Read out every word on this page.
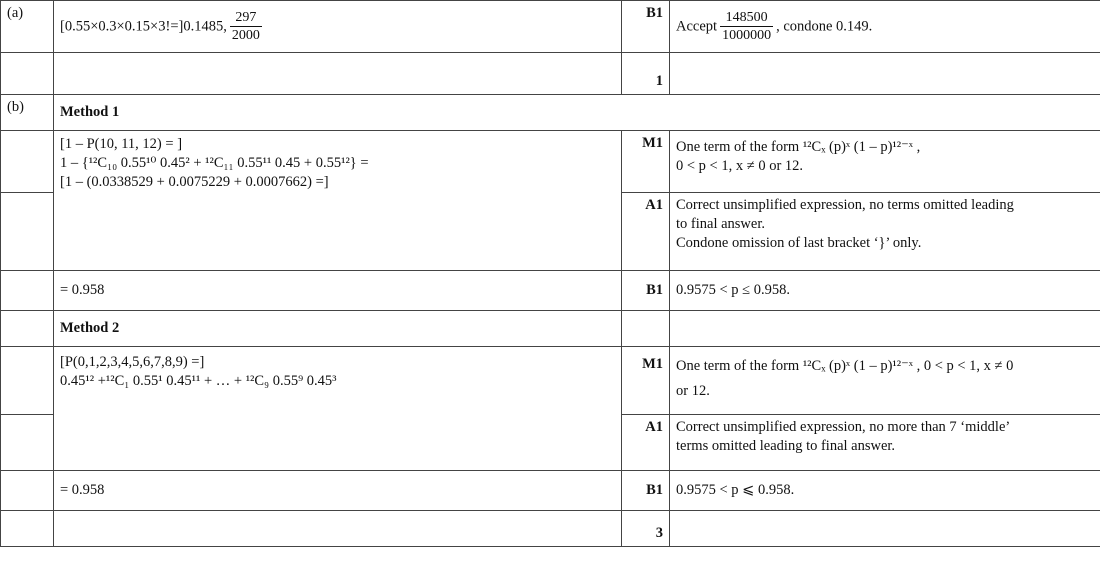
(a)	[0.55×0.3×0.15×3!=]0.1485, $\frac{297}{2000}$	B1	Accept $\frac{148500}{1000000}$ , condone 0.149.
		1	
(b)	Method 1		

	[1 – P(10, 11, 12) = ]
1 – {¹²C₁₀ 0.55¹⁰ 0.45² + ¹²C₁₁ 0.55¹¹ 0.45 + 0.55¹²} =
[1 – (0.0338529 + 0.0075229 + 0.0007662) =]	M1	One term of the form ¹²Cₓ (p)ˣ (1 – p)¹²⁻ˣ ,
0 < p < 1, x ≠ 0 or 12.

		A1	Correct unsimplified expression, no terms omitted leading
to final answer.
Condone omission of last bracket ‘}’ only.

	= 0.958	B1	0.9575 < p ≤ 0.958.
	Method 2		

	[P(0,1,2,3,4,5,6,7,8,9) =]
0.45¹² +¹²C₁ 0.55¹ 0.45¹¹ + … + ¹²C₉ 0.55⁹ 0.45³	M1	One term of the form ¹²Cₓ (p)ˣ (1 – p)¹²⁻ˣ , 0 < p < 1, x ≠ 0
or 12.

		A1	Correct unsimplified expression, no more than 7 ‘middle’
terms omitted leading to final answer.

	= 0.958	B1	0.9575 < p ⩽ 0.958.
		3	
